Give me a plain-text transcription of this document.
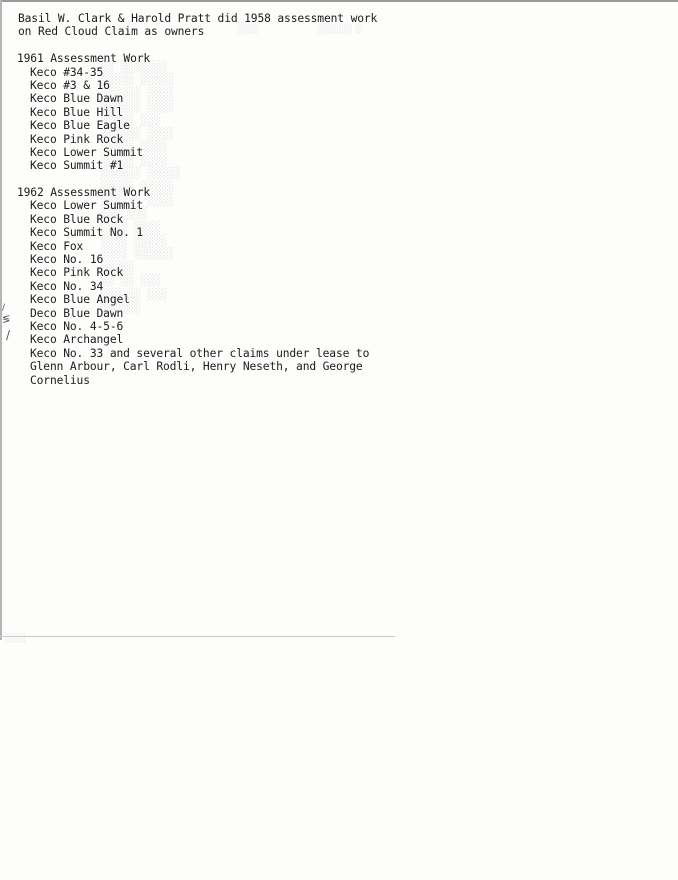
░░░░░░░ ░░
░░░░░ ░░░░░
░░░░ ░░░░░░
░░░░ ░░░░░░
░░░ ░░░░░
░░░░ ░░░░░░
░░░░ ░░░░░
░░░░ ░░░░░
░░░░░ ░░░░░░
░░░░░ ░░░░░
░░░░ ░░░░░░
░░░ ░░░
░░░░ ░░░░
░░░░░ ░░░░
░░░░░░ ░░░░
░░░░░
░░░ ░░ ░░
░░░ ░░ ░░░
░░░░░░
░░░	░░░░░ ░
░░░
/
≶
/
Basil W. Clark & Harold Pratt did 1958 assessment work
on Red Cloud Claim as owners
1961 Assessment Work
Keco #34-35
Keco #3 & 16
Keco Blue Dawn
Keco Blue Hill
Keco Blue Eagle
Keco Pink Rock
Keco Lower Summit
Keco Summit #1
1962 Assessment Work
Keco Lower Summit
Keco Blue Rock
Keco Summit No. 1
Keco Fox
Keco No. 16
Keco Pink Rock
Keco No. 34
Keco Blue Angel
Deco Blue Dawn
Keco No. 4-5-6
Keco Archangel
Keco No. 33 and several other claims under lease to
Glenn Arbour, Carl Rodli, Henry Neseth, and George
Cornelius
